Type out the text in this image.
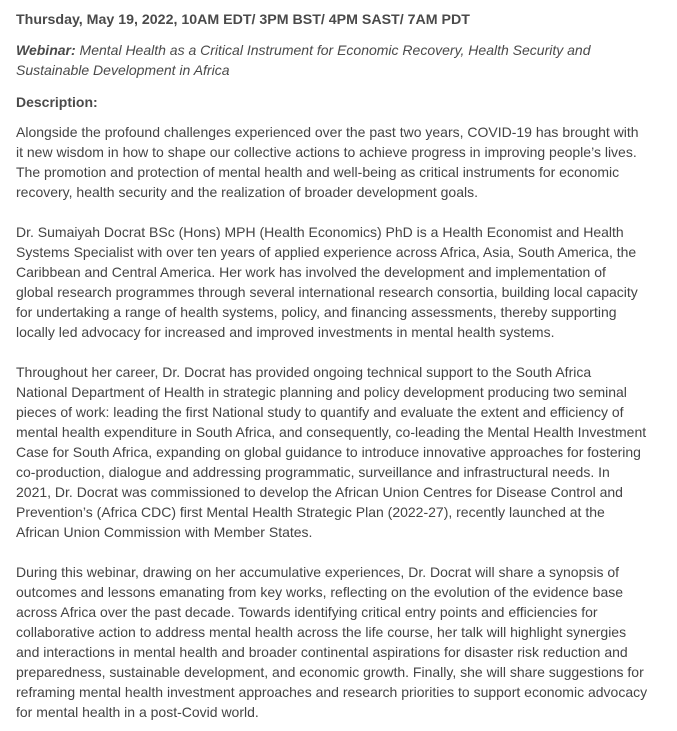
Thursday, May 19, 2022, 10AM EDT/ 3PM BST/ 4PM SAST/ 7AM PDT

Webinar: Mental Health as a Critical Instrument for Economic Recovery, Health Security and
Sustainable Development in Africa

Description:

Alongside the profound challenges experienced over the past two years, COVID-19 has brought with
it new wisdom in how to shape our collective actions to achieve progress in improving people’s lives.
The promotion and protection of mental health and well-being as critical instruments for economic
recovery, health security and the realization of broader development goals.

Dr. Sumaiyah Docrat BSc (Hons) MPH (Health Economics) PhD is a Health Economist and Health
Systems Specialist with over ten years of applied experience across Africa, Asia, South America, the
Caribbean and Central America. Her work has involved the development and implementation of
global research programmes through several international research consortia, building local capacity
for undertaking a range of health systems, policy, and financing assessments, thereby supporting
locally led advocacy for increased and improved investments in mental health systems.

Throughout her career, Dr. Docrat has provided ongoing technical support to the South Africa
National Department of Health in strategic planning and policy development producing two seminal
pieces of work: leading the first National study to quantify and evaluate the extent and efficiency of
mental health expenditure in South Africa, and consequently, co-leading the Mental Health Investment
Case for South Africa, expanding on global guidance to introduce innovative approaches for fostering
co-production, dialogue and addressing programmatic, surveillance and infrastructural needs. In
2021, Dr. Docrat was commissioned to develop the African Union Centres for Disease Control and
Prevention’s (Africa CDC) first Mental Health Strategic Plan (2022-27), recently launched at the
African Union Commission with Member States.

During this webinar, drawing on her accumulative experiences, Dr. Docrat will share a synopsis of
outcomes and lessons emanating from key works, reflecting on the evolution of the evidence base
across Africa over the past decade. Towards identifying critical entry points and efficiencies for
collaborative action to address mental health across the life course, her talk will highlight synergies
and interactions in mental health and broader continental aspirations for disaster risk reduction and
preparedness, sustainable development, and economic growth. Finally, she will share suggestions for
reframing mental health investment approaches and research priorities to support economic advocacy
for mental health in a post-Covid world.
